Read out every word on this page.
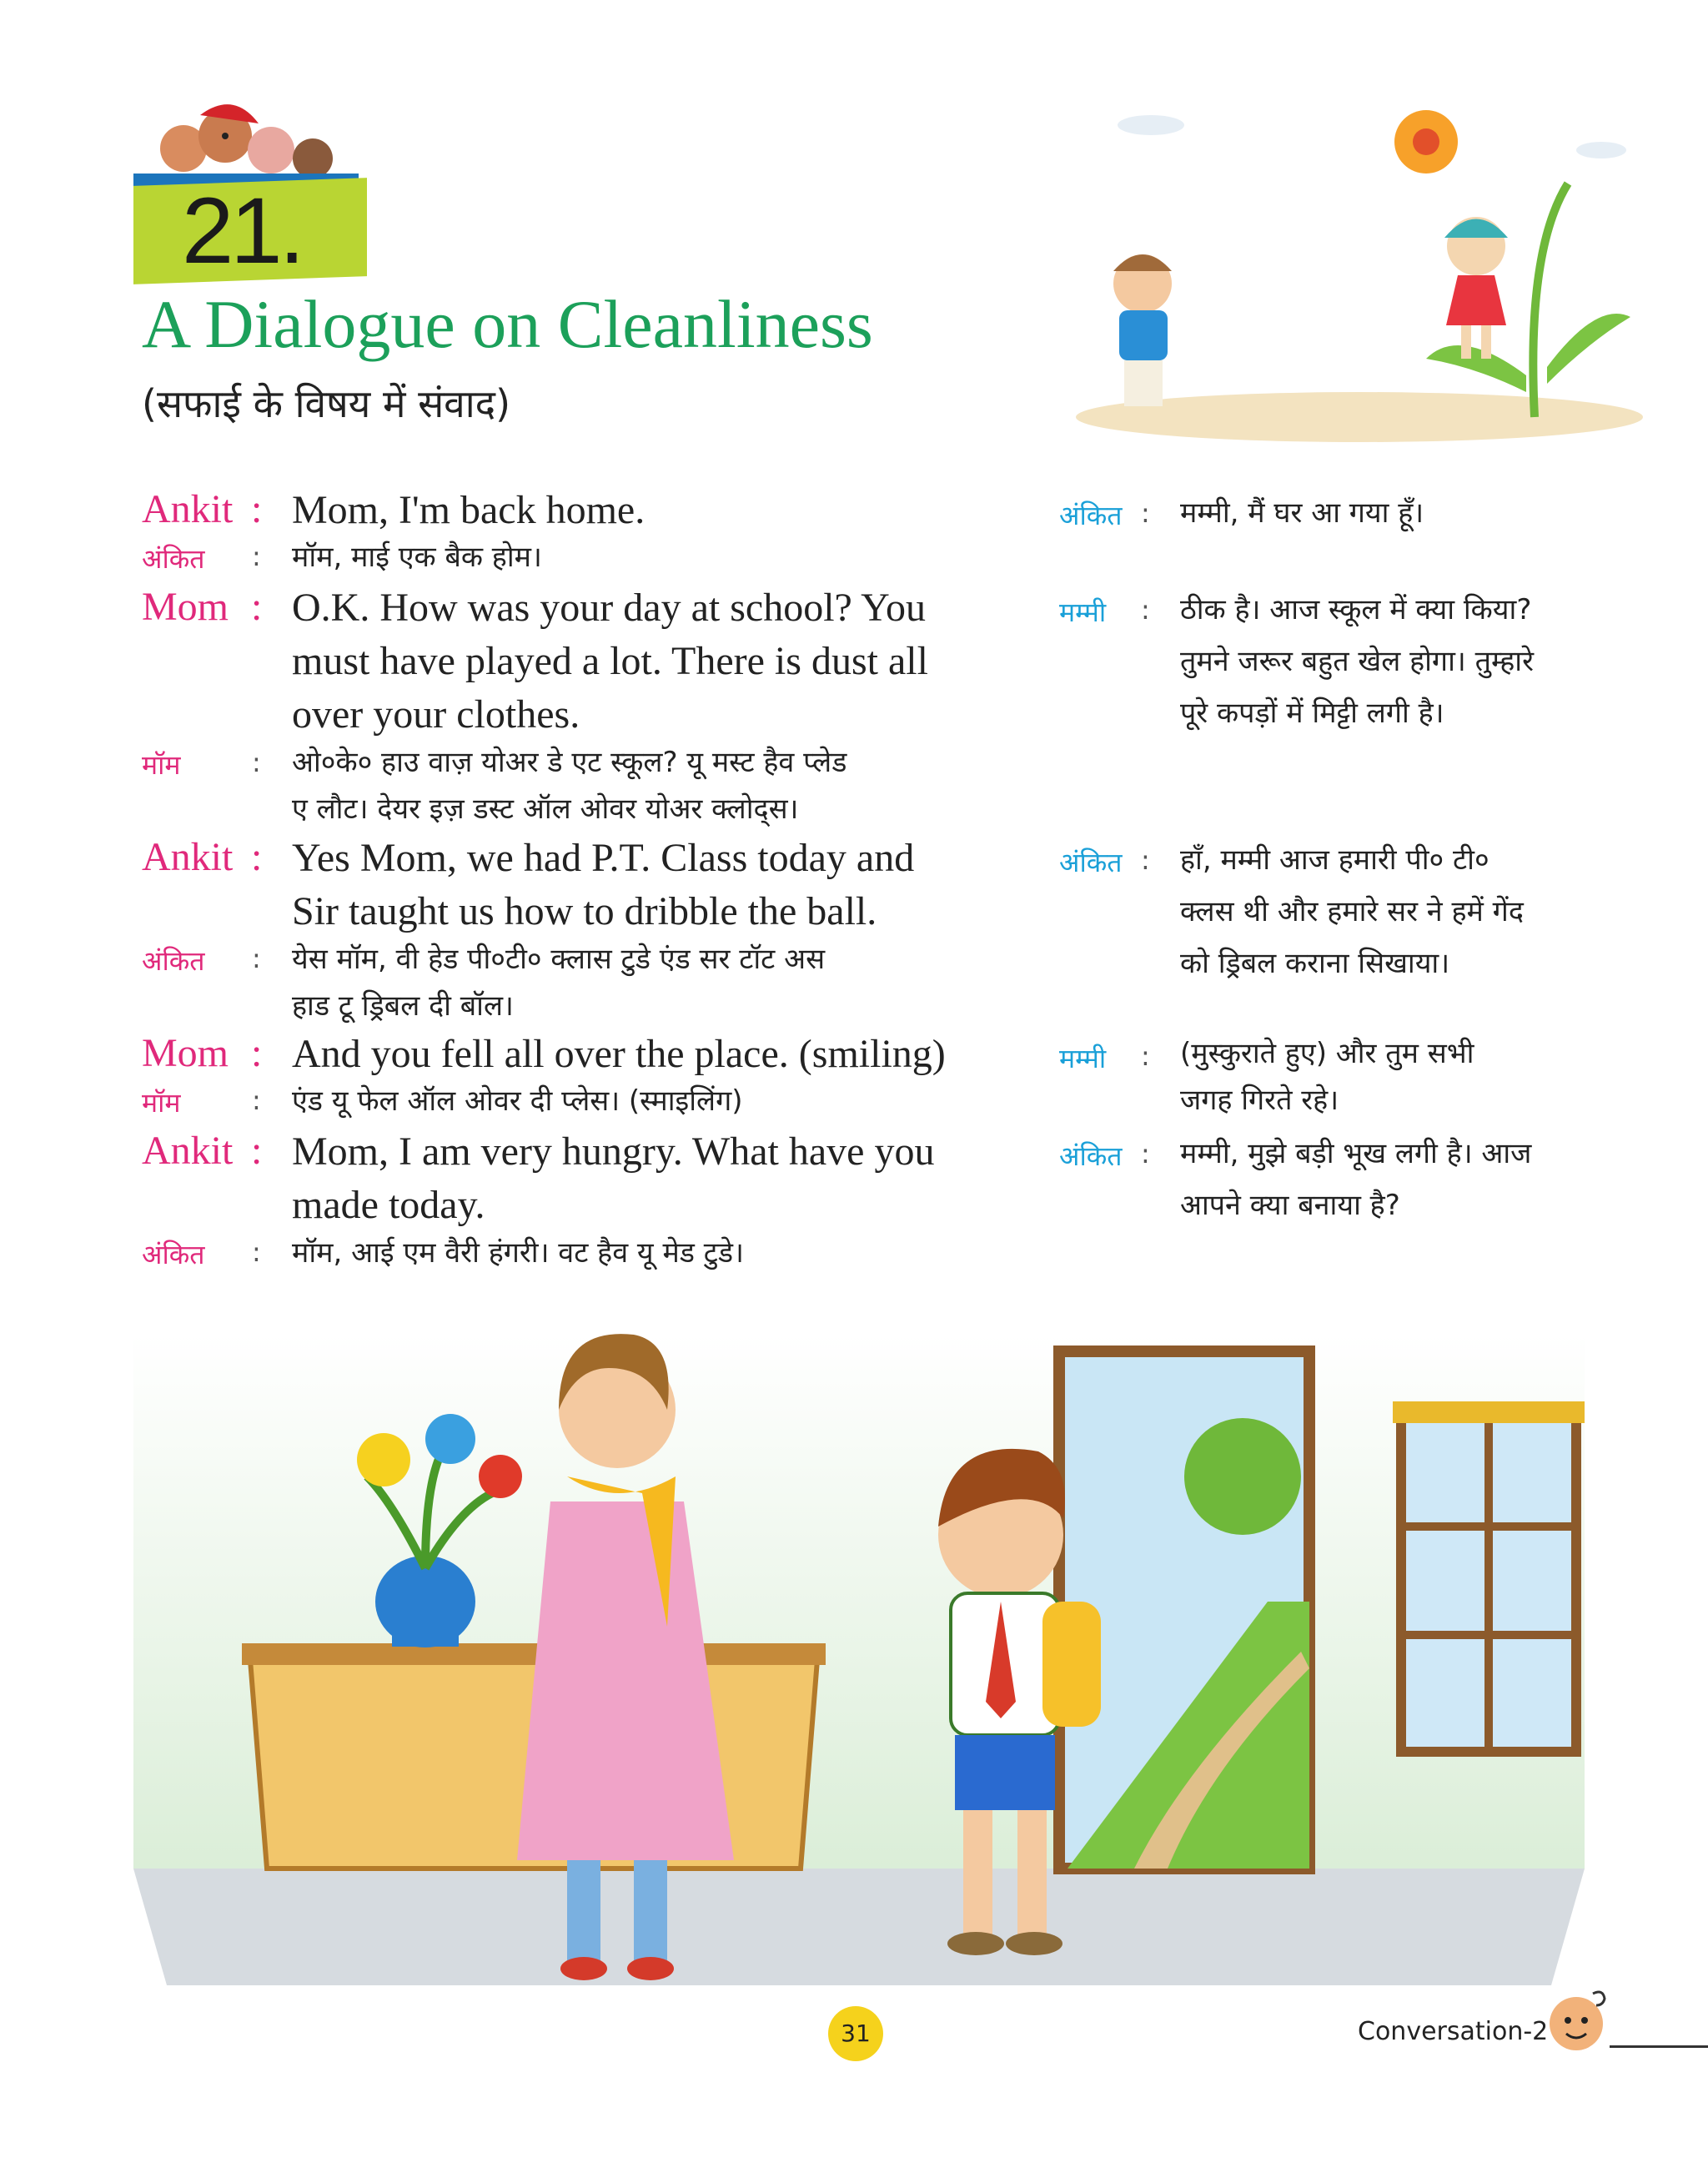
21.
A Dialogue on Cleanliness
(सफाई के विषय में संवाद)
Ankit : Mom, I'm back home.
अंकित : मॉम, माई एक बैक होम।
अंकित : मम्मी, मैं घर आ गया हूँ।
Mom : O.K. How was your day at school? You
must have played a lot. There is dust all
over your clothes.
मॉम	: ओ०के० हाउ वाज़ योअर डे एट स्कूल? यू मस्ट हैव प्लेड
ए लौट। देयर इज़ डस्ट ऑल ओवर योअर क्लोद्स।
मम्मी : ठीक है। आज स्कूल में क्या किया?
तुमने जरूर बहुत खेल होगा। तुम्हारे
पूरे कपड़ों में मिट्टी लगी है।
Ankit : Yes Mom, we had P.T. Class today and
Sir taught us how to dribble the ball.
अंकित : येस मॉम, वी हेड पी०टी० क्लास टुडे एंड सर टॉट अस
हाड टू ड्रिबल दी बॉल।
अंकित : हाँ, मम्मी आज हमारी पी० टी०
क्लस थी और हमारे सर ने हमें गेंद
को ड्रिबल कराना सिखाया।
Mom : And you fell all over the place. (smiling)
मॉम	: एंड यू फेल ऑल ओवर दी प्लेस। (स्माइलिंग)
मम्मी : (मुस्कुराते हुए) और तुम सभी
जगह गिरते रहे।
Ankit : Mom, I am very hungry. What have you
made today.
अंकित : मॉम, आई एम वैरी हंगरी। वट हैव यू मेड टुडे।
अंकित : मम्मी, मुझे बड़ी भूख लगी है। आज
आपने क्या बनाया है?
31	Conversation-2
